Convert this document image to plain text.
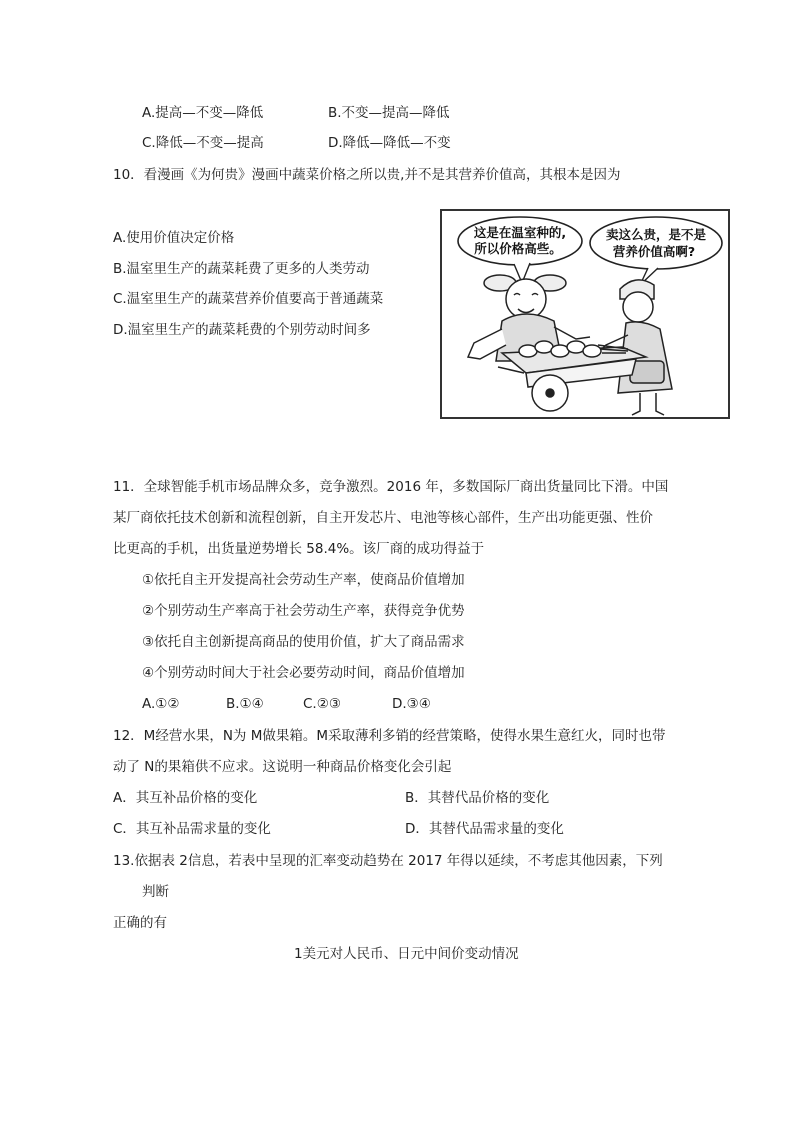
A.提高—不变—降低	B.不变—提高—降低
C.降低—不变—提高	D.降低—降低—不变
10．看漫画《为何贵》漫画中蔬菜价格之所以贵,并不是其营养价值高，其根本是因为
A.使用价值决定价格
B.温室里生产的蔬菜耗费了更多的人类劳动
C.温室里生产的蔬菜营养价值要高于普通蔬菜
D.温室里生产的蔬菜耗费的个别劳动时间多
这是在温室种的,
所以价格高些。
卖这么贵，是不是
营养价值高啊?
11．全球智能手机市场品牌众多，竞争激烈。2016 年，多数国际厂商出货量同比下滑。中国
某厂商依托技术创新和流程创新，自主开发芯片、电池等核心部件，生产出功能更强、性价
比更高的手机，出货量逆势增长 58.4%。该厂商的成功得益于
①依托自主开发提高社会劳动生产率，使商品价值增加
②个别劳动生产率高于社会劳动生产率，获得竞争优势
③依托自主创新提高商品的使用价值，扩大了商品需求
④个别劳动时间大于社会必要劳动时间，商品价值增加
A.①②	B.①④	C.②③	D.③④
12．M经营水果，N为 M做果箱。M采取薄利多销的经营策略，使得水果生意红火，同时也带
动了 N的果箱供不应求。这说明一种商品价格变化会引起
A．其互补品价格的变化	B．其替代品价格的变化
C．其互补品需求量的变化	D．其替代品需求量的变化
13.依据表 2信息，若表中呈现的汇率变动趋势在 2017 年得以延续，不考虑其他因素，下列
判断
正确的有
1美元对人民币、日元中间价变动情况
